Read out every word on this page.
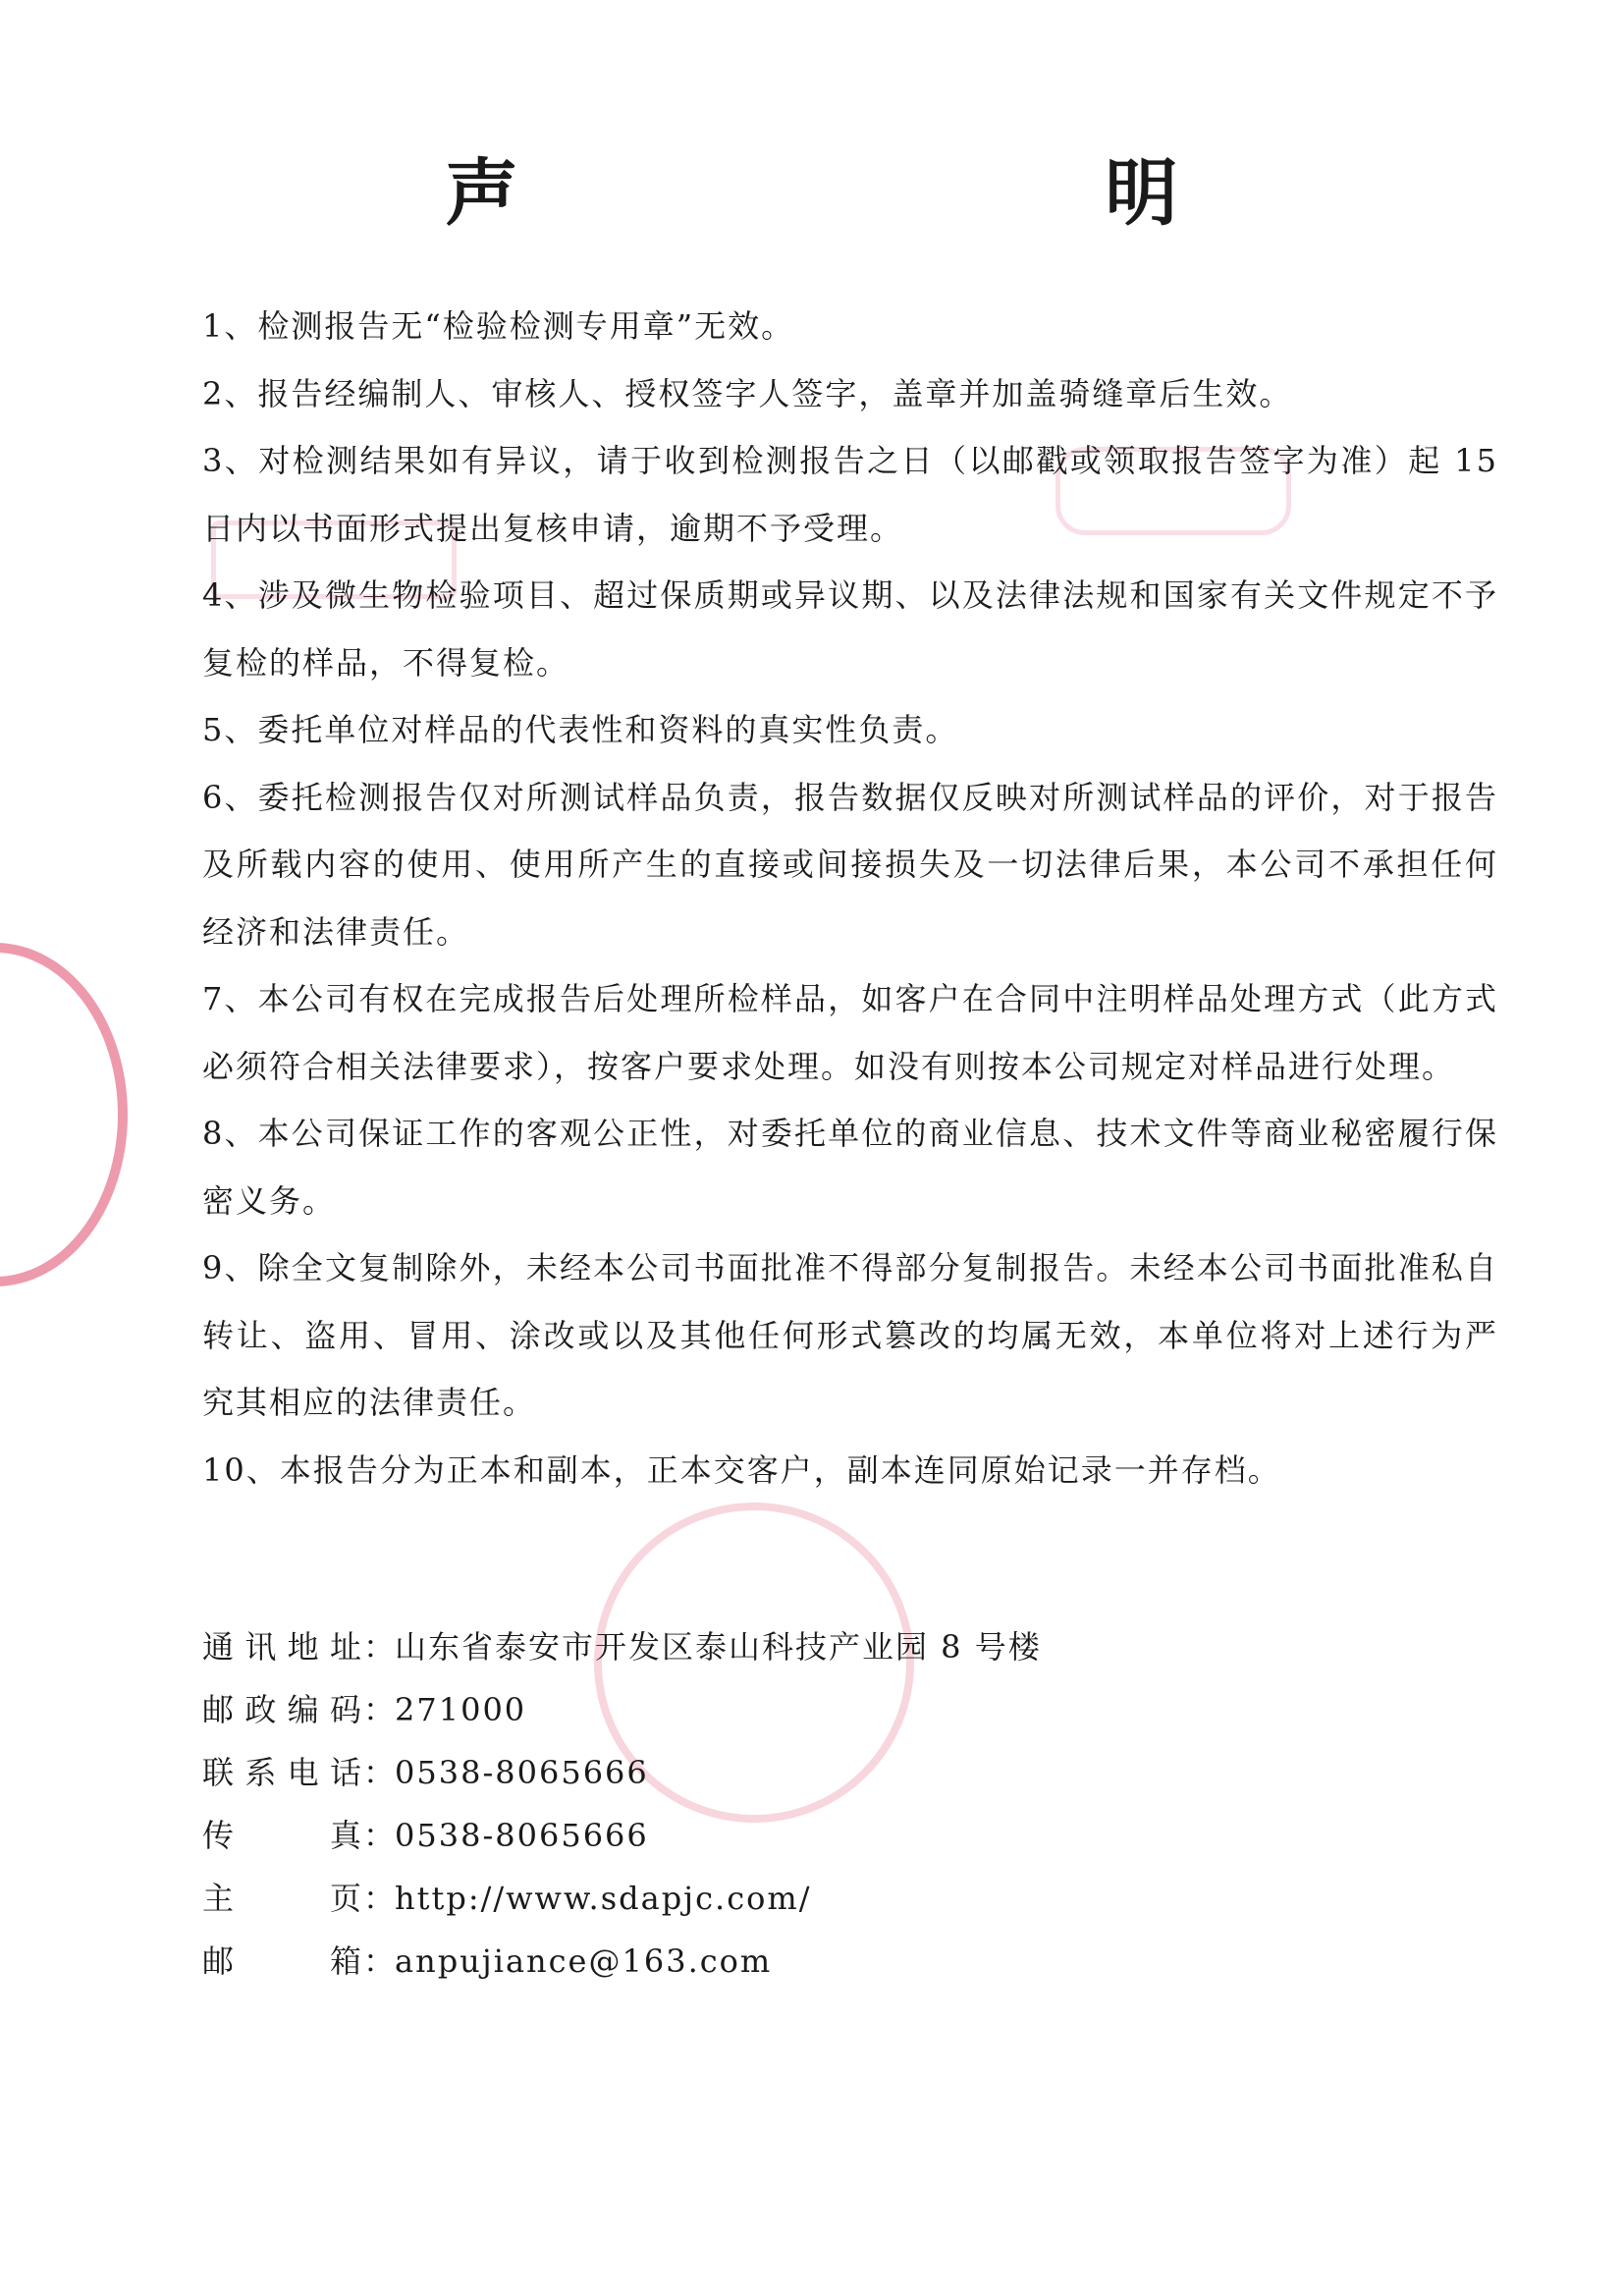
声　　明

1、检测报告无“检验检测专用章”无效。

2、报告经编制人、审核人、授权签字人签字，盖章并加盖骑缝章后生效。

3、对检测结果如有异议，请于收到检测报告之日（以邮戳或领取报告签字为准）起 15 日内以书面形式提出复核申请，逾期不予受理。

4、涉及微生物检验项目、超过保质期或异议期、以及法律法规和国家有关文件规定不予复检的样品，不得复检。

5、委托单位对样品的代表性和资料的真实性负责。

6、委托检测报告仅对所测试样品负责，报告数据仅反映对所测试样品的评价，对于报告及所载内容的使用、使用所产生的直接或间接损失及一切法律后果，本公司不承担任何经济和法律责任。

7、本公司有权在完成报告后处理所检样品，如客户在合同中注明样品处理方式（此方式必须符合相关法律要求），按客户要求处理。如没有则按本公司规定对样品进行处理。

8、本公司保证工作的客观公正性，对委托单位的商业信息、技术文件等商业秘密履行保密义务。

9、除全文复制除外，未经本公司书面批准不得部分复制报告。未经本公司书面批准私自转让、盗用、冒用、涂改或以及其他任何形式篡改的均属无效，本单位将对上述行为严究其相应的法律责任。

10、本报告分为正本和副本，正本交客户，副本连同原始记录一并存档。

通讯地址 ：
山东省泰安市开发区泰山科技产业园 8 号楼
邮政编码 ：
271000
联系电话 ：
0538-8065666
传真 ：
0538-8065666
主页 ：
http://www.sdapjc.com/
邮箱 ：
anpujiance@163.com
